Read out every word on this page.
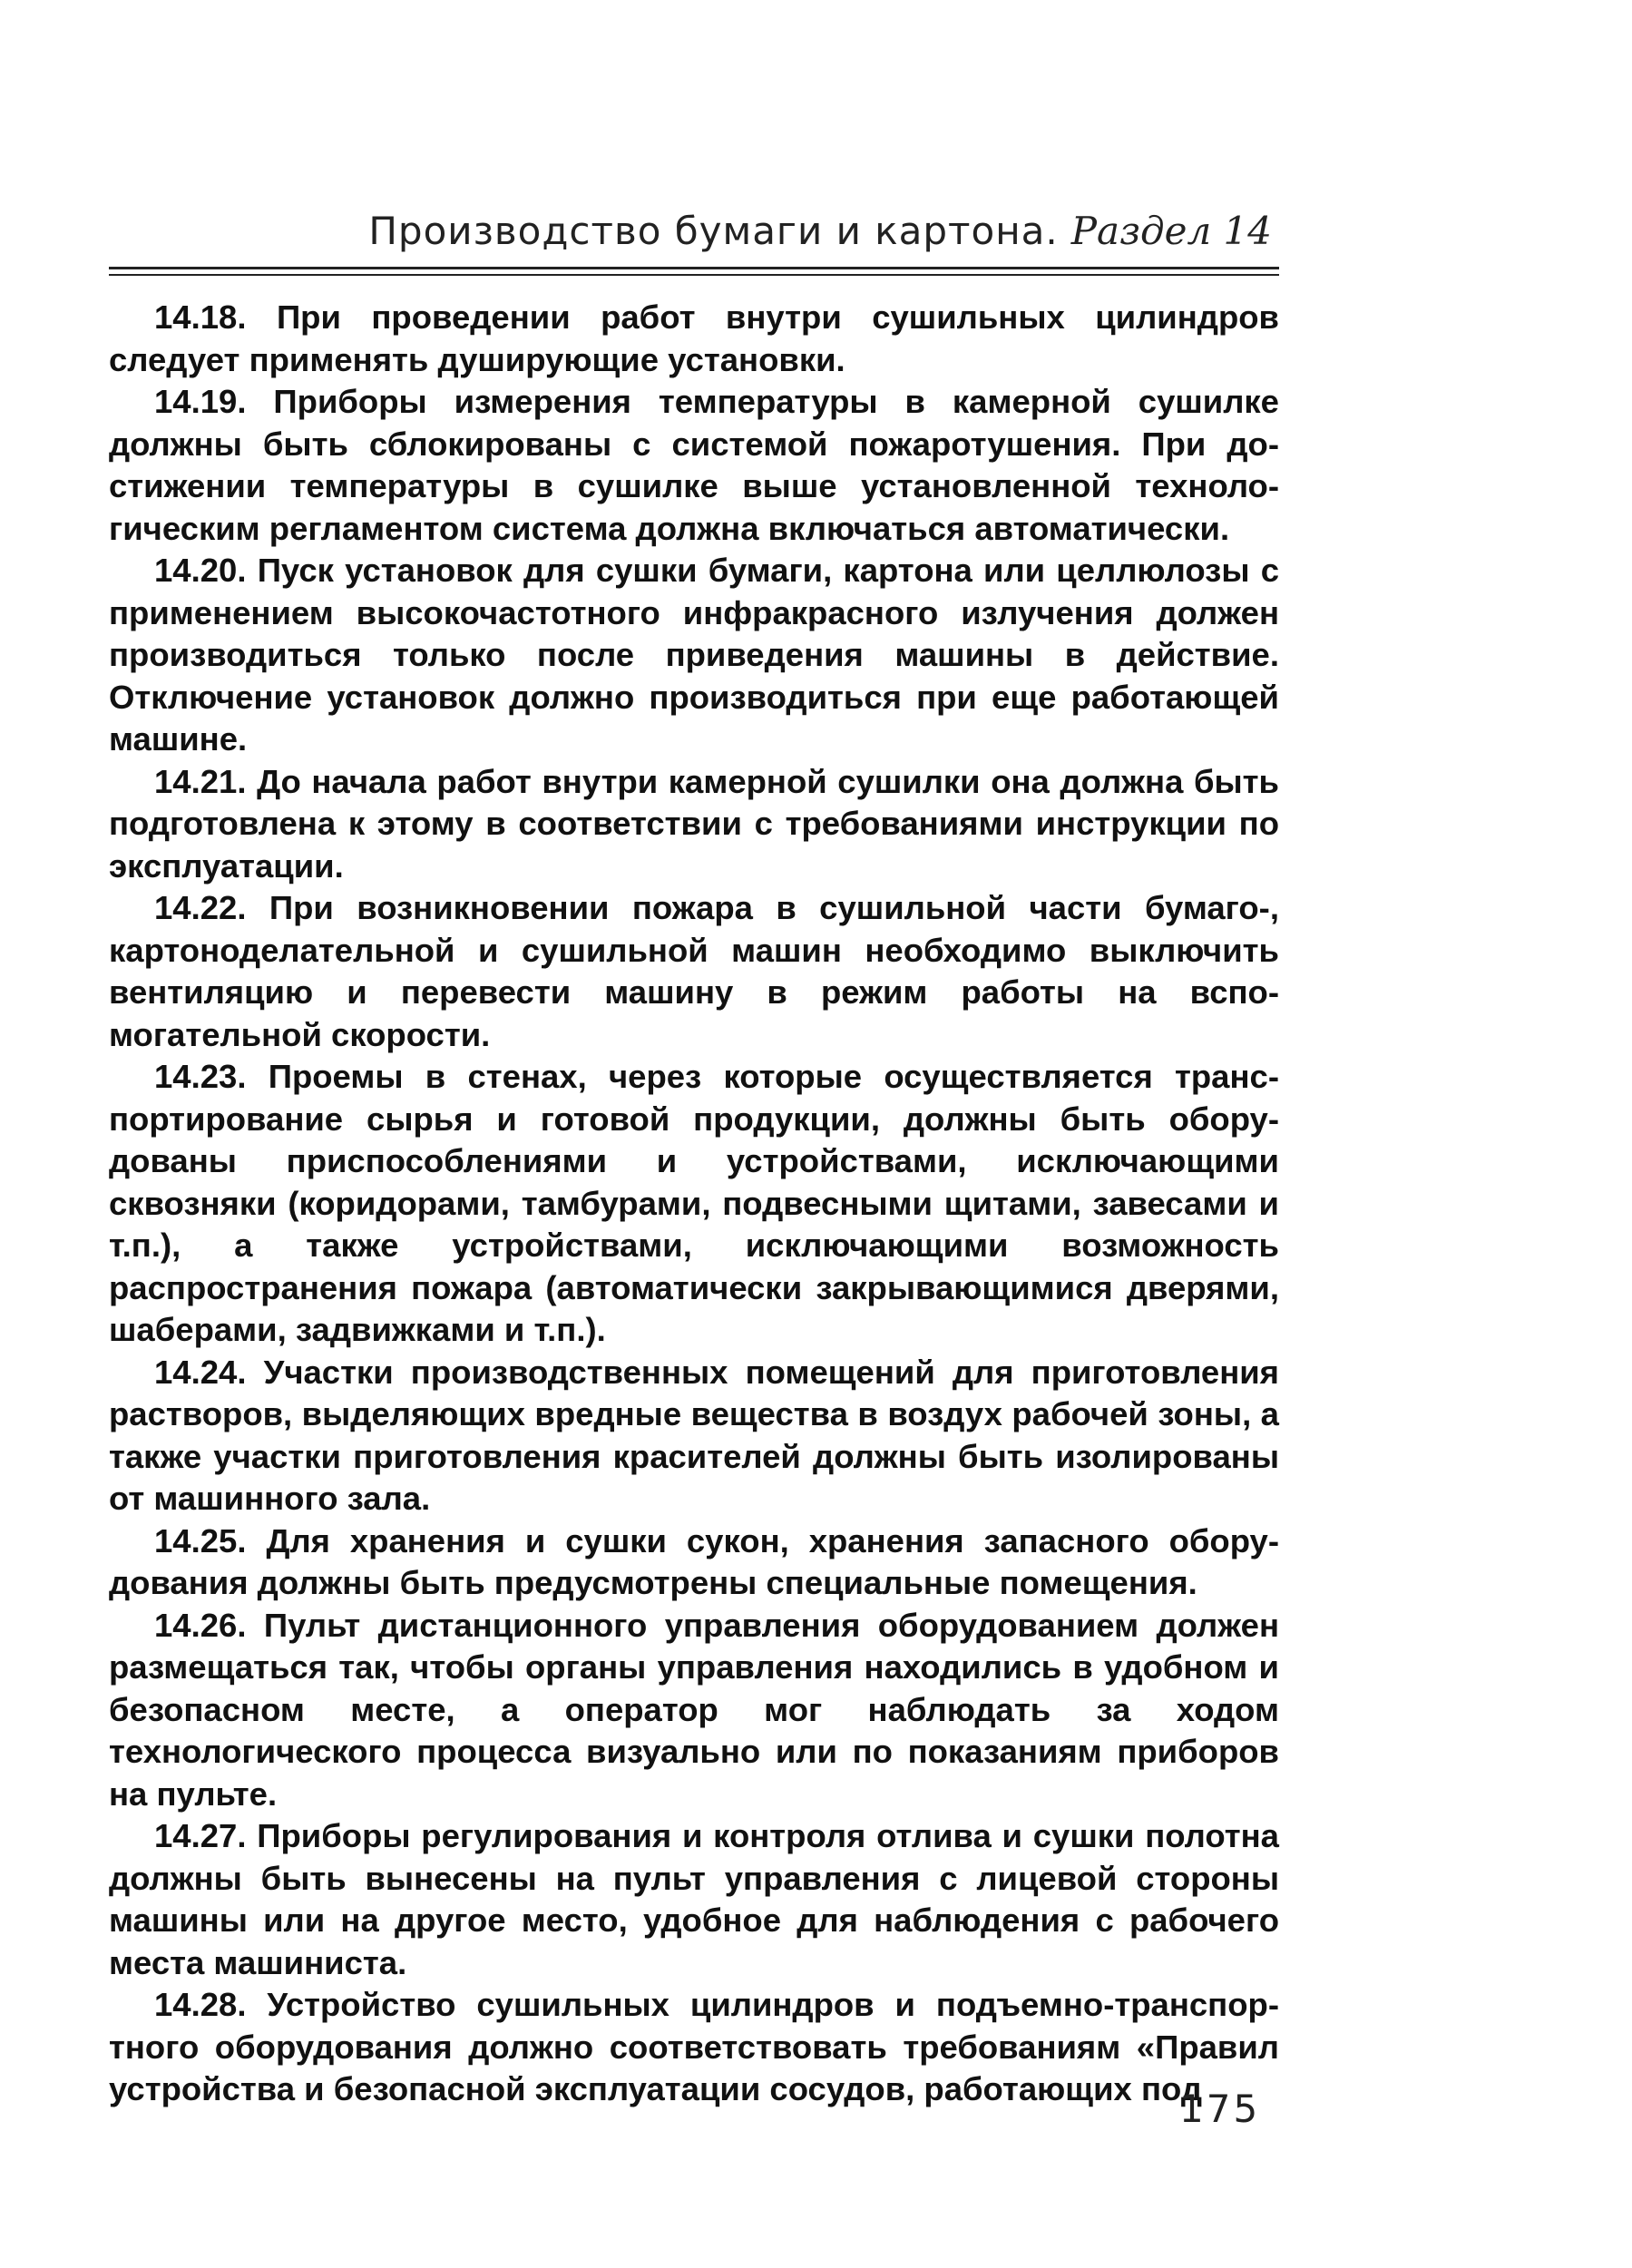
Производство бумаги и картона. Раздел 14

14.18. При проведении работ внутри сушильных цилиндров следует применять душирующие установки.

14.19. Приборы измерения температуры в камерной сушилке должны быть сблокированы с системой пожаротушения. При достижении температуры в сушилке выше установленной технологическим регламентом система должна включаться автоматически.

14.20. Пуск установок для сушки бумаги, картона или целлюлозы с применением высокочастотного инфракрасного излучения должен производиться только после приведения машины в действие. Отключение установок должно производиться при еще работающей машине.

14.21. До начала работ внутри камерной сушилки она должна быть подготовлена к этому в соответствии с требованиями инструкции по эксплуатации.

14.22. При возникновении пожара в сушильной части бумаго-, картоноделательной и сушильной машин необходимо выключить вентиляцию и перевести машину в режим работы на вспомогательной скорости.

14.23. Проемы в стенах, через которые осуществляется транспортирование сырья и готовой продукции, должны быть оборудованы приспособлениями и устройствами, исключающими сквозняки (коридорами, тамбурами, подвесными щитами, завесами и т.п.), а также устройствами, исключающими возможность распространения пожара (автоматически закрывающимися дверями, шаберами, задвижками и т.п.).

14.24. Участки производственных помещений для приготовления растворов, выделяющих вредные вещества в воздух рабочей зоны, а также участки приготовления красителей должны быть изолированы от машинного зала.

14.25. Для хранения и сушки сукон, хранения запасного оборудования должны быть предусмотрены специальные помещения.

14.26. Пульт дистанционного управления оборудованием должен размещаться так, чтобы органы управления находились в удобном и безопасном месте, а оператор мог наблюдать за ходом технологического процесса визуально или по показаниям приборов на пульте.

14.27. Приборы регулирования и контроля отлива и сушки полотна должны быть вынесены на пульт управления с лицевой стороны машины или на другое место, удобное для наблюдения с рабочего места машиниста.

14.28. Устройство сушильных цилиндров и подъемно-транспортного оборудования должно соответствовать требованиям «Правил устройства и безопасной эксплуатации сосудов, работающих под

175
